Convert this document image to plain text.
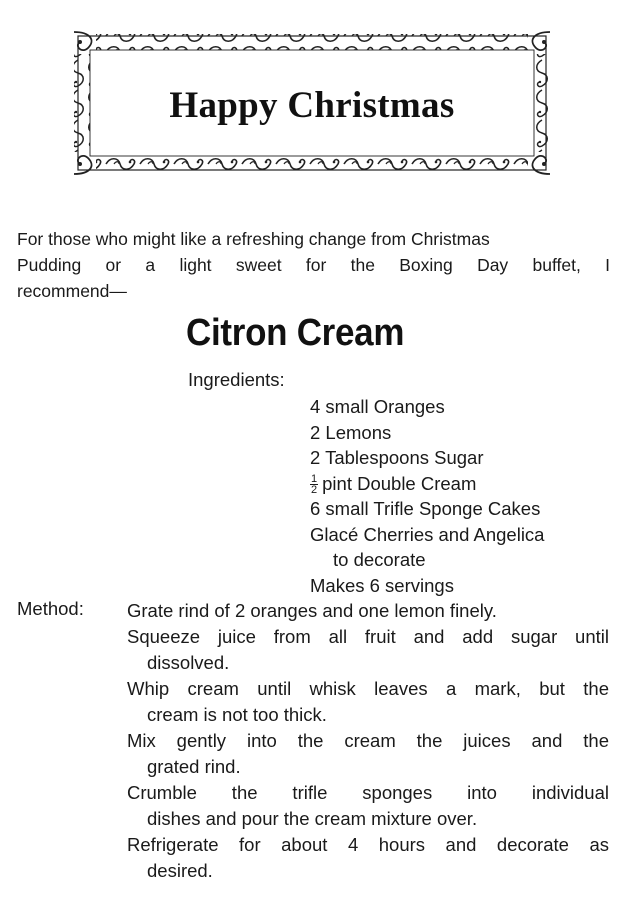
Happy Christmas
For those who might like a refreshing change from Christmas
Pudding or a light sweet for the Boxing Day buffet, I
recommend—
Citron Cream
Ingredients:
4 small Oranges
2 Lemons
2 Tablespoons Sugar
$\frac{1}{2}$ pint Double Cream
6 small Trifle Sponge Cakes
Glacé Cherries and Angelica
to decorate
Makes 6 servings
Method: Grate rind of 2 oranges and one lemon finely.
Squeeze juice from all fruit and add sugar until
dissolved.
Whip cream until whisk leaves a mark, but the
cream is not too thick.
Mix gently into the cream the juices and the
grated rind.
Crumble the trifle sponges into individual
dishes and pour the cream mixture over.
Refrigerate for about 4 hours and decorate as
desired.
